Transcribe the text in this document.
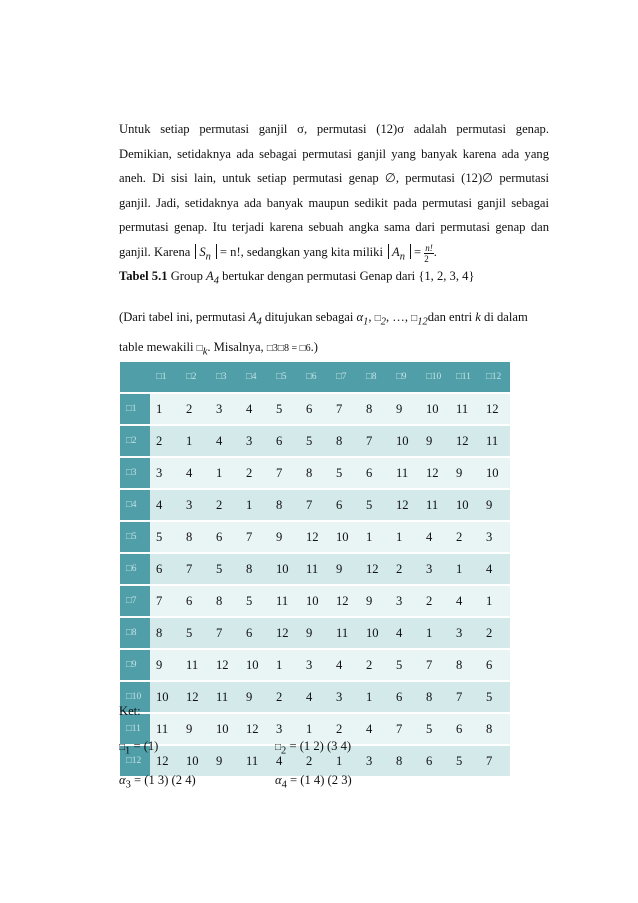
Untuk setiap permutasi ganjil σ, permutasi (12)σ adalah permutasi genap.
Demikian, setidaknya ada sebagai permutasi ganjil yang banyak karena ada yang
aneh. Di sisi lain, untuk setiap permutasi genap ∅, permutasi (12)∅ permutasi
ganjil. Jadi, setidaknya ada banyak maupun sedikit pada permutasi ganjil sebagai
permutasi genap. Itu terjadi karena sebuah angka sama dari permutasi genap dan
ganjil. Karena $S_n = n$!, sedangkan yang kita miliki $A_n = \frac{n!}{2}$ .

Tabel 5.1 Group $A_4$ bertukar dengan permutasi Genap dari {1, 2, 3, 4}

(Dari tabel ini, permutasi $A_4$ ditujukan sebagai $\alpha_1$, $□_2$, …, $□_{12}dan$ entri k di dalam
table mewakili $□_k$. Misalnya, □3□8 = □6.)
	□1	□2	□3	□4	□5	□6	□7	□8	□9	□10	□11	□12
□1	1	2	3	4	5	6	7	8	9	10	11	12
□2	2	1	4	3	6	5	8	7	10	9	12	11
□3	3	4	1	2	7	8	5	6	11	12	9	10
□4	4	3	2	1	8	7	6	5	12	11	10	9
□5	5	8	6	7	9	12	10	1	1	4	2	3
□6	6	7	5	8	10	11	9	12	2	3	1	4
□7	7	6	8	5	11	10	12	9	3	2	4	1
□8	8	5	7	6	12	9	11	10	4	1	3	2
□9	9	11	12	10	1	3	4	2	5	7	8	6
□10	10	12	11	9	2	4	3	1	6	8	7	5
□11	11	9	10	12	3	1	2	4	7	5	6	8
□12	12	10	9	11	4	2	1	3	8	6	5	7

Ket:

$□_1 = (1)$	$□_2 = (1$ 2) (3 4)

$\alpha_3 = (1$ 3) (2 4)	$\alpha_4 = (1$ 4) (2 3)
